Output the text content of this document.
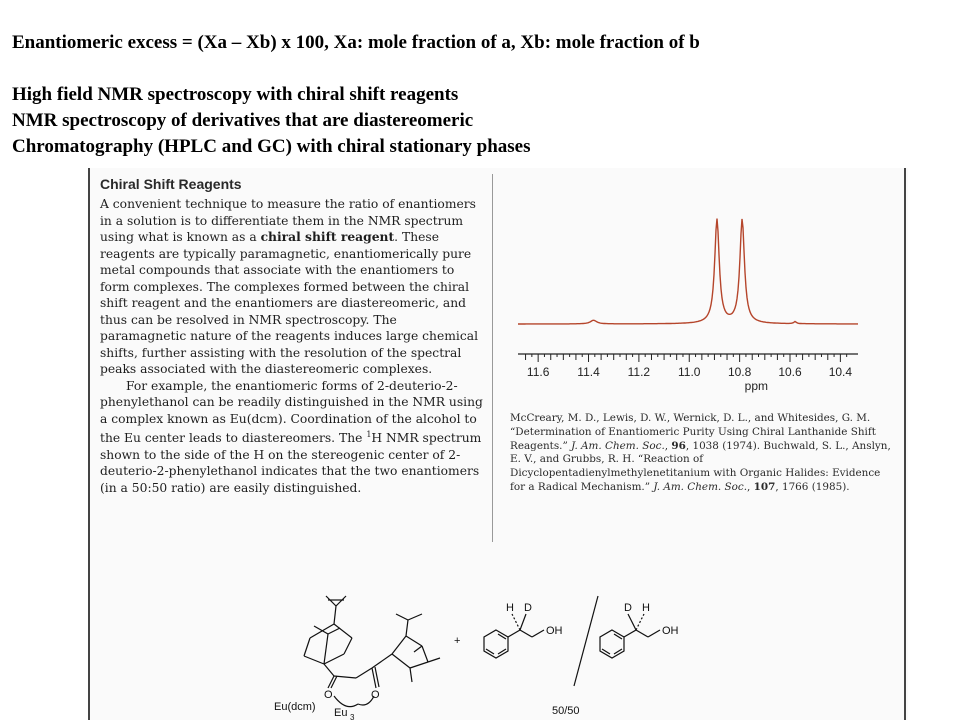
Enantiomeric excess = (Xa – Xb) x 100, Xa: mole fraction of a, Xb: mole fraction of b
High field NMR spectroscopy with chiral shift reagents
NMR spectroscopy of derivatives that are diastereomeric
Chromatography (HPLC and GC) with chiral stationary phases
Chiral Shift Reagents

A convenient technique to measure the ratio of enantiomers in a solution is to differentiate them in the NMR spectrum using what is known as a chiral shift reagent. These reagents are typically paramagnetic, enantiomerically pure metal compounds that associate with the enantiomers to form complexes. The complexes formed between the chiral shift reagent and the enantiomers are diastereomeric, and thus can be resolved in NMR spectroscopy. The paramagnetic nature of the reagents induces large chemical shifts, further assisting with the resolution of the spectral peaks associated with the diastereomeric complexes.

For example, the enantiomeric forms of 2-deuterio-2-phenylethanol can be readily distinguished in the NMR using a complex known as Eu(dcm). Coordination of the alcohol to the Eu center leads to diastereomers. The $^1$H NMR spectrum shown to the side of the H on the stereogenic center of 2-deuterio-2-phenylethanol indicates that the two enantiomers (in a 50:50 ratio) are easily distinguished.

11.6 11.4 11.2 11.0 10.8 10.6 10.4
ppm
McCreary, M. D., Lewis, D. W., Wernick, D. L., and Whitesides, G. M. “Determination of Enantiomeric Purity Using Chiral Lanthanide Shift Reagents.” J. Am. Chem. Soc., 96, 1038 (1974). Buchwald, S. L., Anslyn, E. V., and Grubbs, R. H. “Reaction of Dicyclopentadienylmethylenetitanium with Organic Halides: Evidence for a Radical Mechanism.” J. Am. Chem. Soc., 107, 1766 (1985).
O	O
Eu 3
Eu(dcm)
+
H D
OH
D H
OH
50/50
